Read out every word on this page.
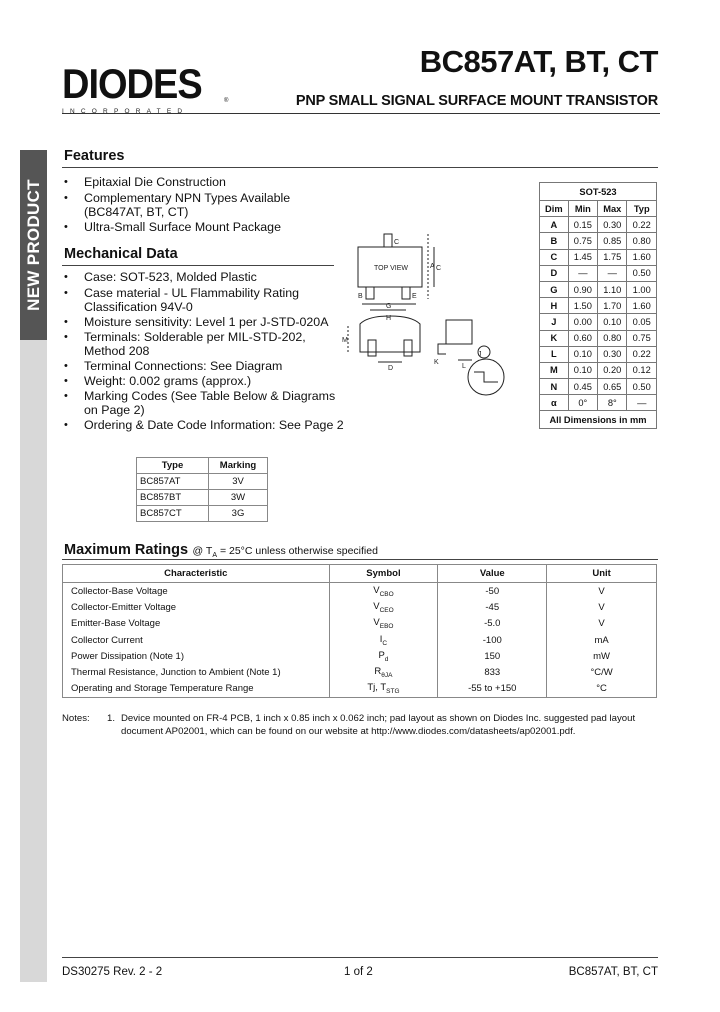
DIODES
INCORPORATED
®
BC857AT, BT, CT
PNP SMALL SIGNAL SURFACE MOUNT TRANSISTOR
NEW PRODUCT
Features
• Epitaxial Die Construction
• Complementary NPN Types Available
(BC847AT, BT, CT)
• Ultra-Small Surface Mount Package
Mechanical Data
• Case: SOT-523, Molded Plastic
• Case material - UL Flammability Rating
Classification 94V-0
• Moisture sensitivity: Level 1 per J-STD-020A
• Terminals: Solderable per MIL-STD-202,
Method 208
• Terminal Connections: See Diagram
• Weight: 0.002 grams (approx.)
• Marking Codes (See Table Below & Diagrams
on Page 2)
• Ordering & Date Code Information: See Page 2
TOP VIEW
C
A C
B	E
G
H
M
D
K
L
J
SOT-523			
Dim	Min	Max	Typ
A	0.15	0.30	0.22
B	0.75	0.85	0.80
C	1.45	1.75	1.60
D	—	—	0.50
G	0.90	1.10	1.00
H	1.50	1.70	1.60
J	0.00	0.10	0.05
K	0.60	0.80	0.75
L	0.10	0.30	0.22
M	0.10	0.20	0.12
N	0.45	0.65	0.50
α	0°	8°	—
All Dimensions in mm			
Type	Marking
BC857AT	3V
BC857BT	3W
BC857CT	3G
Maximum Ratings @ $T_A = 25^\circ C$ unless otherwise specified
Characteristic	Symbol	Value	Unit
Collector-Base Voltage	$V_{CBO}$	-50	V
Collector-Emitter Voltage	$V_{CEO}$	-45	V
Emitter-Base Voltage	$V_{EBO}$	-5.0	V
Collector Current	$I_C$	-100	mA
Power Dissipation (Note 1)	$P_d$	150	mW
Thermal Resistance, Junction to Ambient (Note 1)	$R_{\theta JA}$	833	°C/W
Operating and Storage Temperature Range	Tj, $T_{STG}$	-55 to +150	°C
Notes: 1. Device mounted on FR-4 PCB, 1 inch x 0.85 inch x 0.062 inch; pad layout as shown on Diodes Inc. suggested pad layout
document AP02001, which can be found on our website at http://www.diodes.com/datasheets/ap02001.pdf.
DS30275 Rev. 2 - 2	1 of 2	BC857AT, BT, CT
